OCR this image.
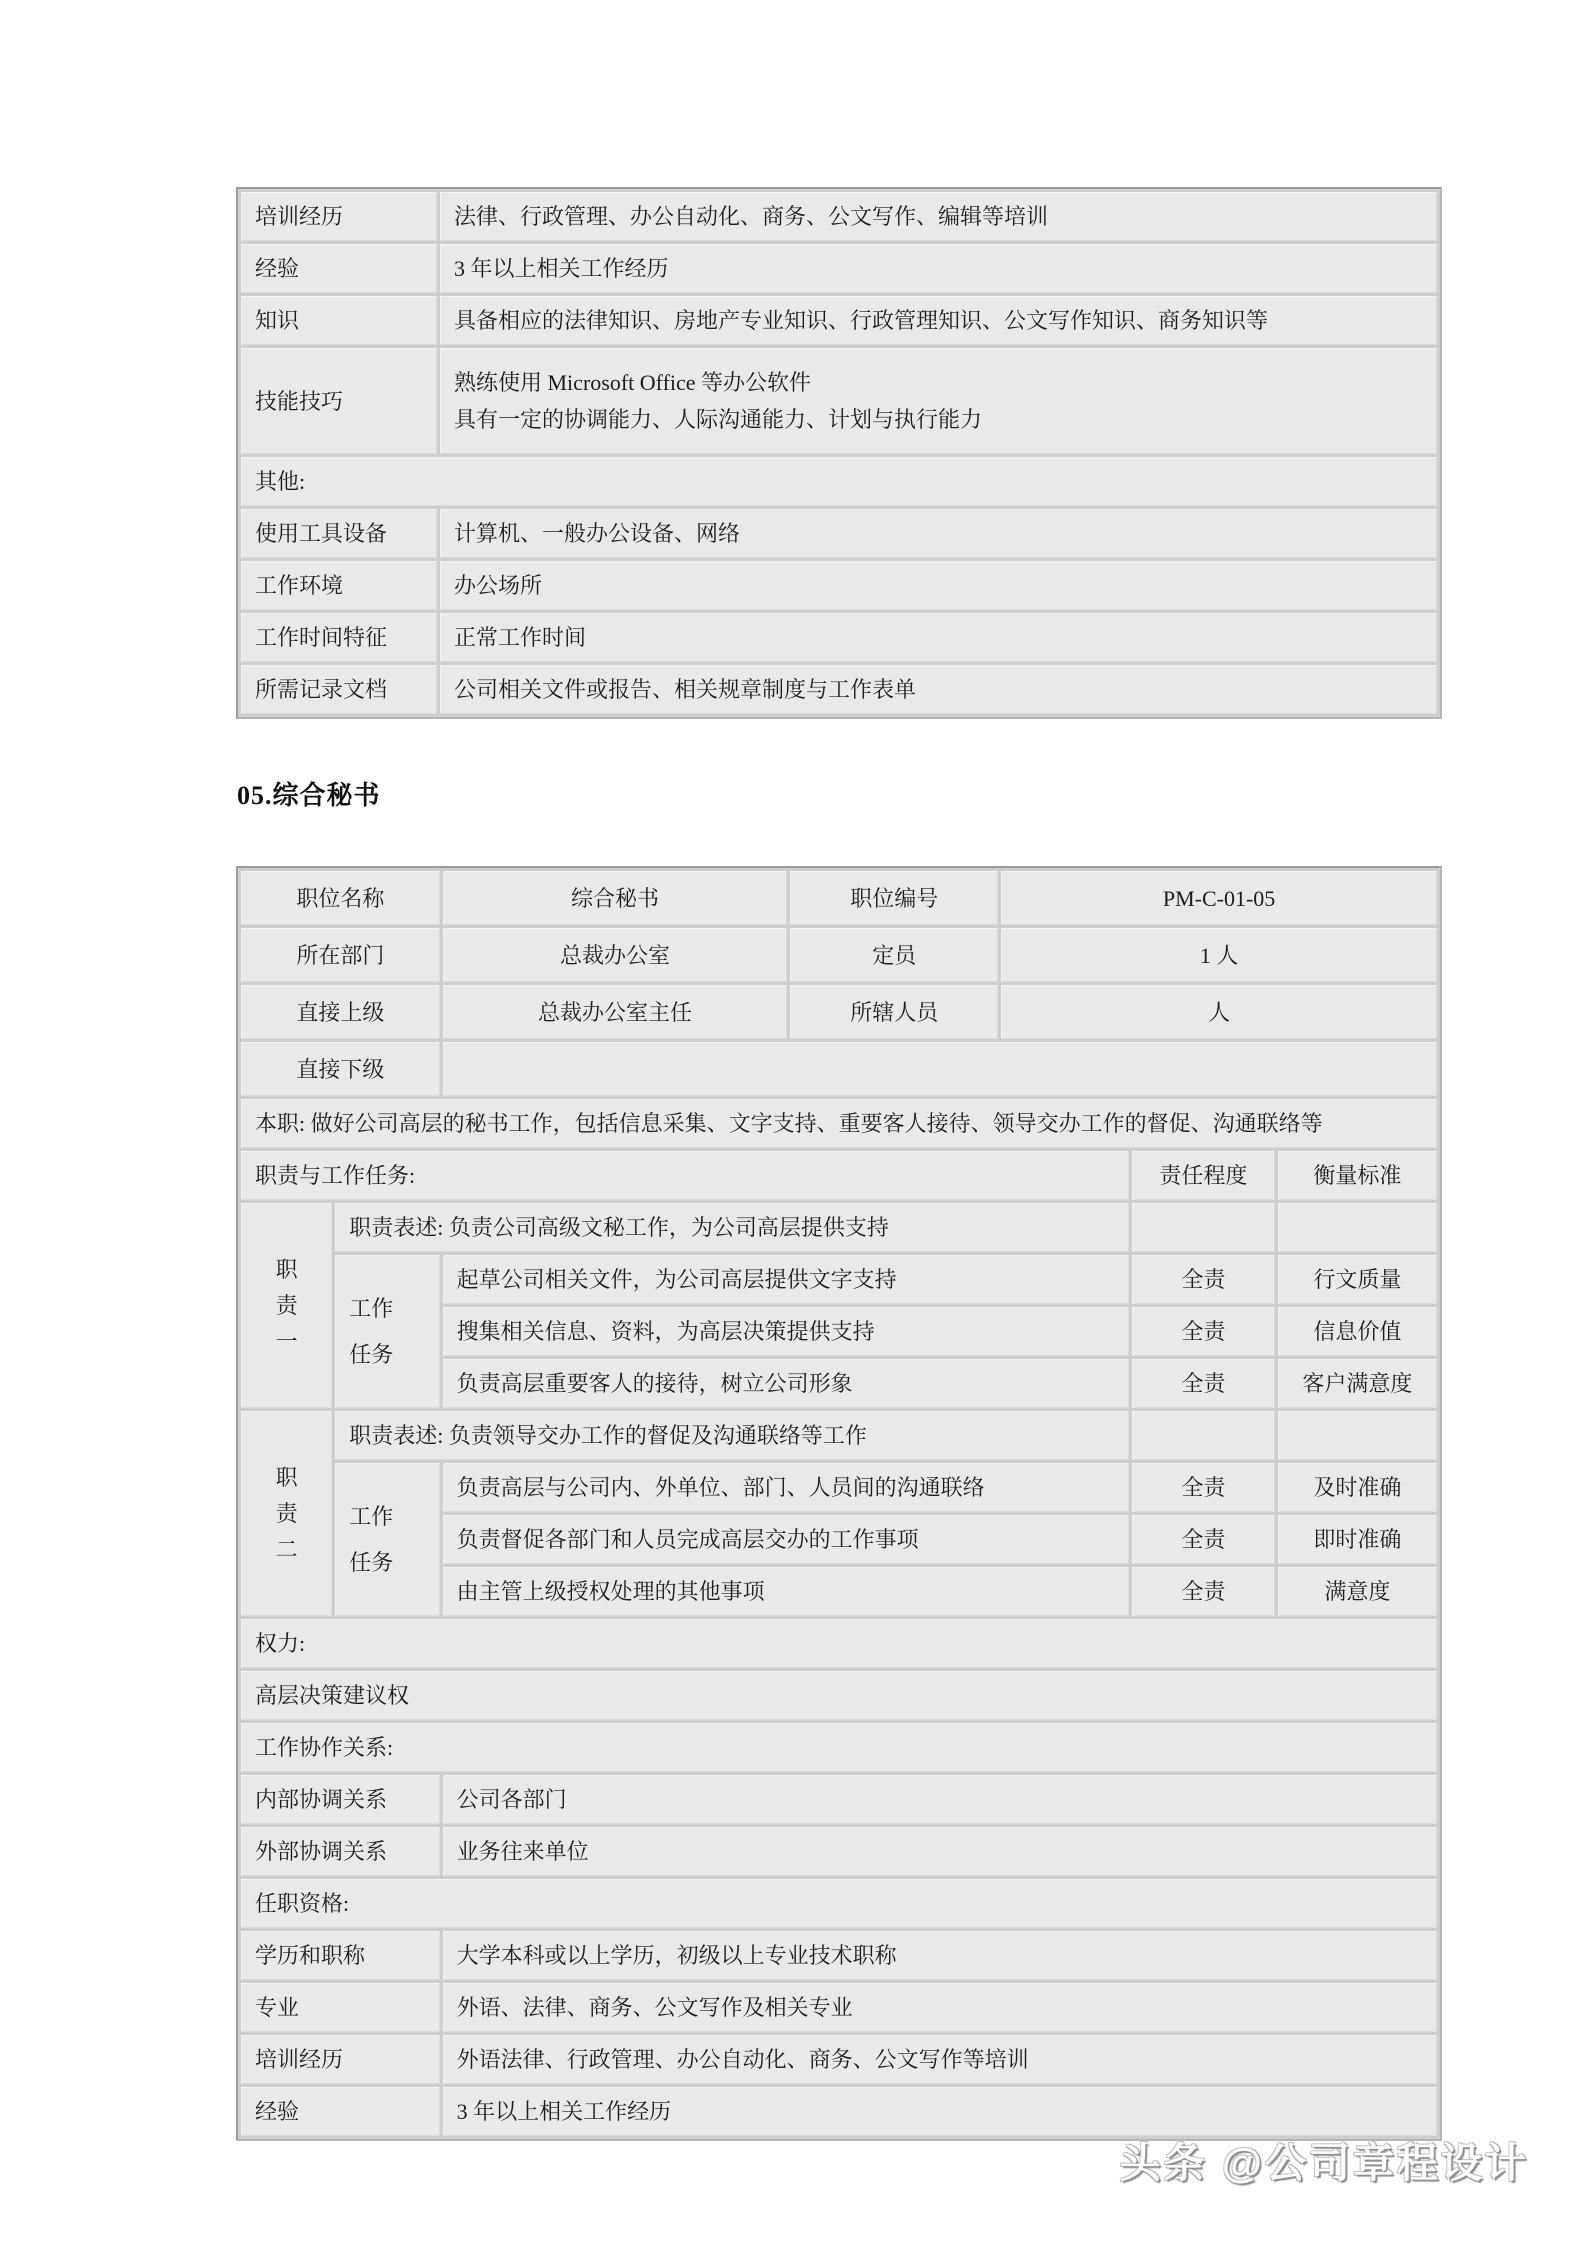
培训经历	法律、行政管理、办公自动化、商务、公文写作、编辑等培训
经验	3 年以上相关工作经历
知识	具备相应的法律知识、房地产专业知识、行政管理知识、公文写作知识、商务知识等
技能技巧	熟练使用 Microsoft Office 等办公软件

具有一定的协调能力、人际沟通能力、计划与执行能力

其他:	
使用工具设备	计算机、一般办公设备、网络
工作环境	办公场所
工作时间特征	正常工作时间
所需记录文档	公司相关文件或报告、相关规章制度与工作表单
05.综合秘书
职位名称		综合秘书	职位编号	PM-C-01-05		
所在部门		总裁办公室	定员	1 人		
直接上级		总裁办公室主任	所辖人员	人		
直接下级						
本职: 做好公司高层的秘书工作，包括信息采集、文字支持、重要客人接待、领导交办工作的督促、沟通联络等						
职责与工作任务:					责任程度	衡量标准
职责一	职责表述: 负责公司高级文秘工作，为公司高层提供支持					
	工作任务	起草公司相关文件，为公司高层提供文字支持			全责	行文质量
		搜集相关信息、资料，为高层决策提供支持			全责	信息价值
		负责高层重要客人的接待，树立公司形象			全责	客户满意度
职责二	职责表述: 负责领导交办工作的督促及沟通联络等工作					
	工作任务	负责高层与公司内、外单位、部门、人员间的沟通联络			全责	及时准确
		负责督促各部门和人员完成高层交办的工作事项			全责	即时准确
		由主管上级授权处理的其他事项			全责	满意度
权力:						
高层决策建议权						
工作协作关系:						
内部协调关系		公司各部门				
外部协调关系		业务往来单位				
任职资格:						
学历和职称		大学本科或以上学历，初级以上专业技术职称				
专业		外语、法律、商务、公文写作及相关专业				
培训经历		外语法律、行政管理、办公自动化、商务、公文写作等培训				
经验		3 年以上相关工作经历				
头条 @公司章程设计
